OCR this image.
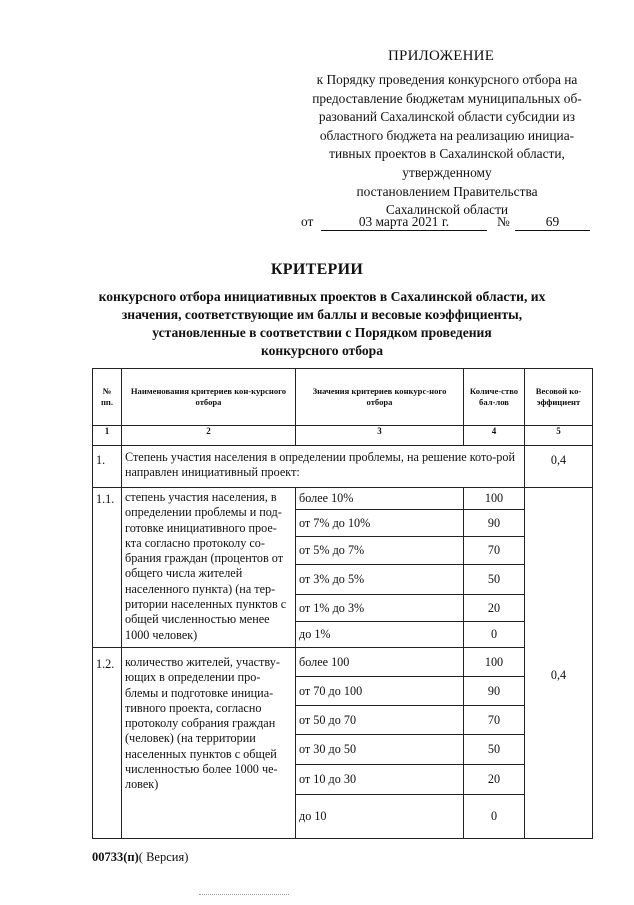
ПРИЛОЖЕНИЕ
к Порядку проведения конкурсного отбора на
предоставление бюджетам муниципальных об-
разований Сахалинской области субсидии из
областного бюджета на реализацию инициа-
тивных проектов в Сахалинской области,
утвержденному
постановлением Правительства
Сахалинской области
от	03 марта 2021 г.	№	69
КРИТЕРИИ
конкурсного отбора инициативных проектов в Сахалинской области, их
значения, соответствующие им баллы и весовые коэффициенты,
установленные в соответствии с Порядком проведения
конкурсного отбора
№ пп.	Наименования критериев кон-курсного отбора	Значения критериев конкурс-ного отбора	Количе-ство бал-лов	Весовой ко-эффициент
1	2	3	4	5
1.	Степень участия населения в определении проблемы, на решение кото-рой направлен инициативный проект:			0,4
1.1.	степень участия населения, в определении проблемы и под-готовке инициативного прое-кта согласно протоколу со-брания граждан (процентов от общего числа жителей населенного пункта) (на тер-ритории населенных пунктов с общей численностью менее 1000 человек)	более 10%	100	0,4
		от 7% до 10%	90	
		от 5% до 7%	70	
		от 3% до 5%	50	
		от 1% до 3%	20	
		до 1%	0	
1.2.	количество жителей, участву-ющих в определении про-блемы и подготовке инициа-тивного проекта, согласно протоколу собрания граждан (человек) (на территории населенных пунктов с общей численностью более 1000 че-ловек)	более 100	100	
		от 70 до 100	90	
		от 50 до 70	70	
		от 30 до 50	50	
		от 10 до 30	20	
		до 10	0	
00733(п)( Версия)
